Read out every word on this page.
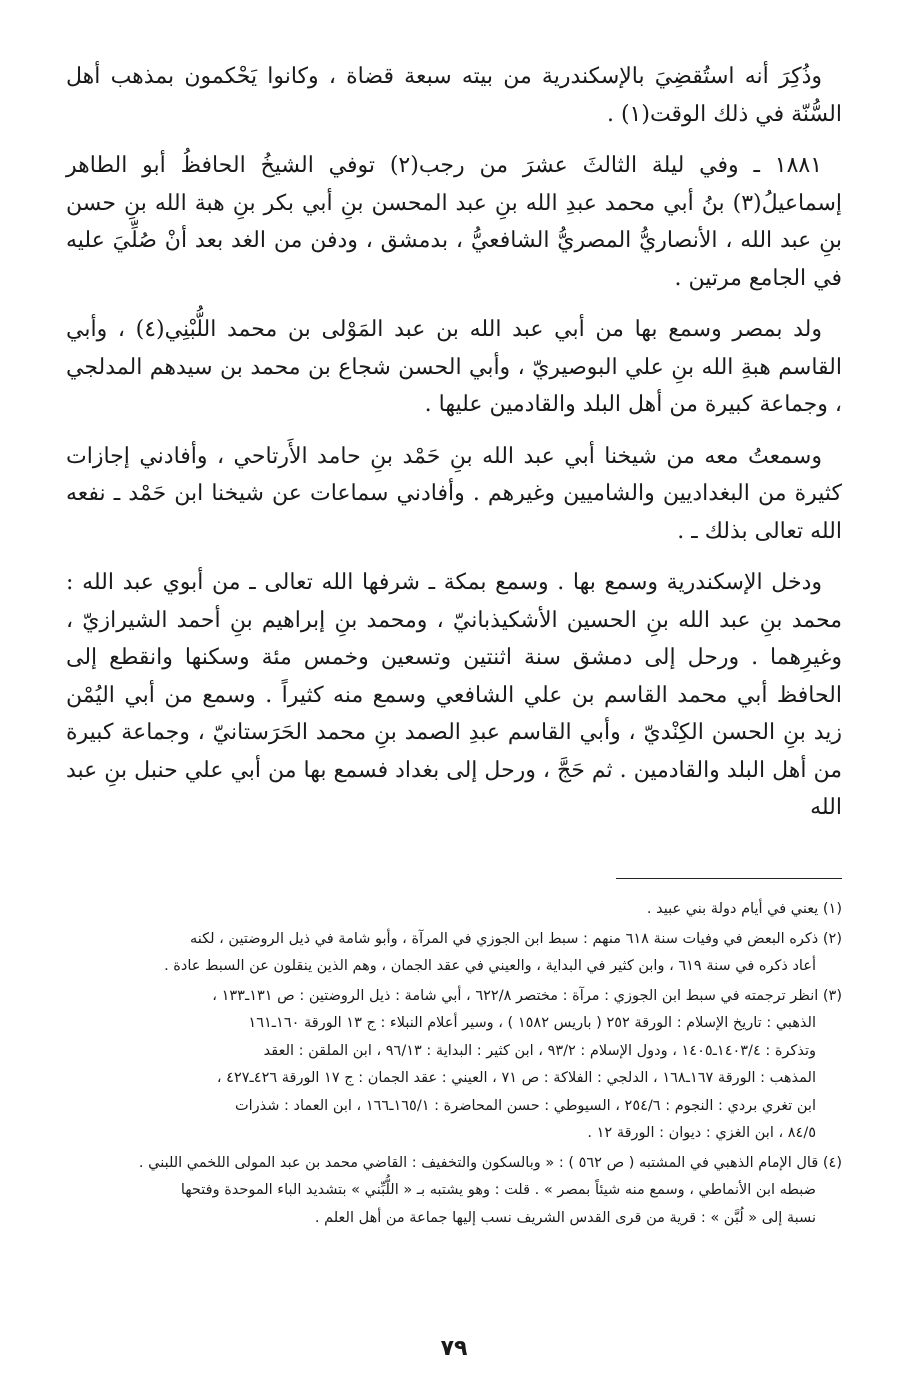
وذُكِرَ أنه استُقضِيَ بالإسكندرية من بيته سبعة قضاة ، وكانوا يَحْكمون بمذهب أهل السُّنّة في ذلك الوقت(١) .

١٨٨١ ـ وفي ليلة الثالثَ عشرَ من رجب(٢) توفي الشيخُ الحافظُ أبو الطاهر إسماعيلُ(٣) بنُ أبي محمد عبدِ الله بنِ عبد المحسن بنِ أبي بكر بنِ هبة الله بنِ حسن بنِ عبد الله ، الأنصاريُّ المصريُّ الشافعيُّ ، بدمشق ، ودفن من الغد بعد أنْ صُلِّيَ عليه في الجامع مرتين .

ولد بمصر وسمع بها من أبي عبد الله بن عبد المَوْلى بن محمد اللُّبْنِي(٤) ، وأبي القاسم هبةِ الله بنِ علي البوصيريّ ، وأبي الحسن شجاع بن محمد بن سيدهم المدلجي ، وجماعة كبيرة من أهل البلد والقادمين عليها .

وسمعتُ معه من شيخنا أبي عبد الله بنِ حَمْد بنِ حامد الأَرتاحي ، وأفادني إجازات كثيرة من البغداديين والشاميين وغيرهم . وأفادني سماعات عن شيخنا ابن حَمْد ـ نفعه الله تعالى بذلك ـ .

ودخل الإسكندرية وسمع بها . وسمع بمكة ـ شرفها الله تعالى ـ من أبوي عبد الله : محمد بنِ عبد الله بنِ الحسين الأشكيذبانيّ ، ومحمد بنِ إبراهيم بنِ أحمد الشيرازيّ ، وغيرِهما . ورحل إلى دمشق سنة اثنتين وتسعين وخمس مئة وسكنها وانقطع إلى الحافظ أبي محمد القاسم بن علي الشافعي وسمع منه كثيراً . وسمع من أبي اليُمْن زيد بنِ الحسن الكِنْديّ ، وأبي القاسم عبدِ الصمد بنِ محمد الحَرَستانيّ ، وجماعة كبيرة من أهل البلد والقادمين . ثم حَجَّ ، ورحل إلى بغداد فسمع بها من أبي علي حنبل بنِ عبد الله

(١) يعني في أيام دولة بني عبيد .
(٢) ذكره البعض في وفيات سنة ٦١٨ منهم : سبط ابن الجوزي في المرآة ، وأبو شامة في ذيل الروضتين ، لكنه
أعاد ذكره في سنة ٦١٩ ، وابن كثير في البداية ، والعيني في عقد الجمان ، وهم الذين ينقلون عن السبط عادة .
(٣) انظر ترجمته في سبط ابن الجوزي : مرآة : مختصر ٦٢٢/٨ ، أبي شامة : ذيل الروضتين : ص ١٣١ـ١٣٣ ،
الذهبي : تاريخ الإسلام : الورقة ٢٥٢ ( باريس ١٥٨٢ ) ، وسير أعلام النبلاء : ج ١٣ الورقة ١٦٠ـ١٦١
وتذكرة : ١٤٠٣/٤ـ١٤٠٥ ، ودول الإسلام : ٩٣/٢ ، ابن كثير : البداية : ٩٦/١٣ ، ابن الملقن : العقد
المذهب : الورقة ١٦٧ـ١٦٨ ، الدلجي : الفلاكة : ص ٧١ ، العيني : عقد الجمان : ج ١٧ الورقة ٤٢٦ـ٤٢٧ ،
ابن تغري بردي : النجوم : ٢٥٤/٦ ، السيوطي : حسن المحاضرة : ١٦٥/١ـ١٦٦ ، ابن العماد : شذرات
٨٤/٥ ، ابن الغزي : ديوان : الورقة ١٢ .
(٤) قال الإمام الذهبي في المشتبه ( ص ٥٦٢ ) : « وبالسكون والتخفيف : القاضي محمد بن عبد المولى اللخمي اللبني .
ضبطه ابن الأنماطي ، وسمع منه شيئاً بمصر » . قلت : وهو يشتبه بـ « اللُّبِّني » بتشديد الباء الموحدة وفتحها
نسبة إلى « لُبَّن » : قرية من قرى القدس الشريف نسب إليها جماعة من أهل العلم .
٧٩
